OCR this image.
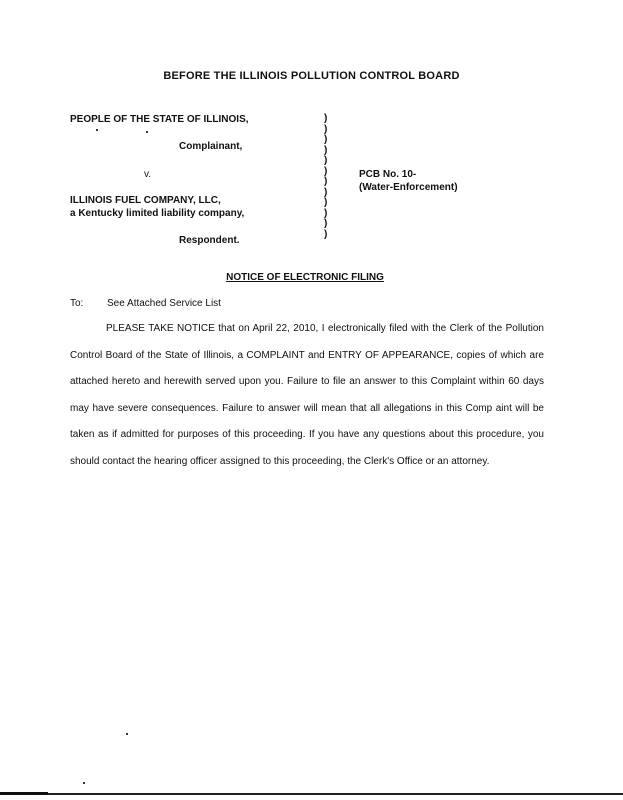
BEFORE THE ILLINOIS POLLUTION CONTROL BOARD
PEOPLE OF THE STATE OF ILLINOIS,
Complainant,
v.
ILLINOIS FUEL COMPANY, LLC,
a Kentucky limited liability company,
Respondent.
)
)
)
)
)
)
)
)
)
)
)
)
PCB No. 10-
(Water-Enforcement)
NOTICE OF ELECTRONIC FILING
To: See Attached Service List

PLEASE TAKE NOTICE that on April 22, 2010, I electronically filed with the Clerk of the Pollution Control Board of the State of Illinois, a COMPLAINT and ENTRY OF APPEARANCE, copies of which are attached hereto and herewith served upon you. Failure to file an answer to this Complaint within 60 days may have severe consequences. Failure to answer will mean that all allegations in this Comp aint will be taken as if admitted for purposes of this proceeding. If you have any questions about this procedure, you should contact the hearing officer assigned to this proceeding, the Clerk's Office or an attorney.
